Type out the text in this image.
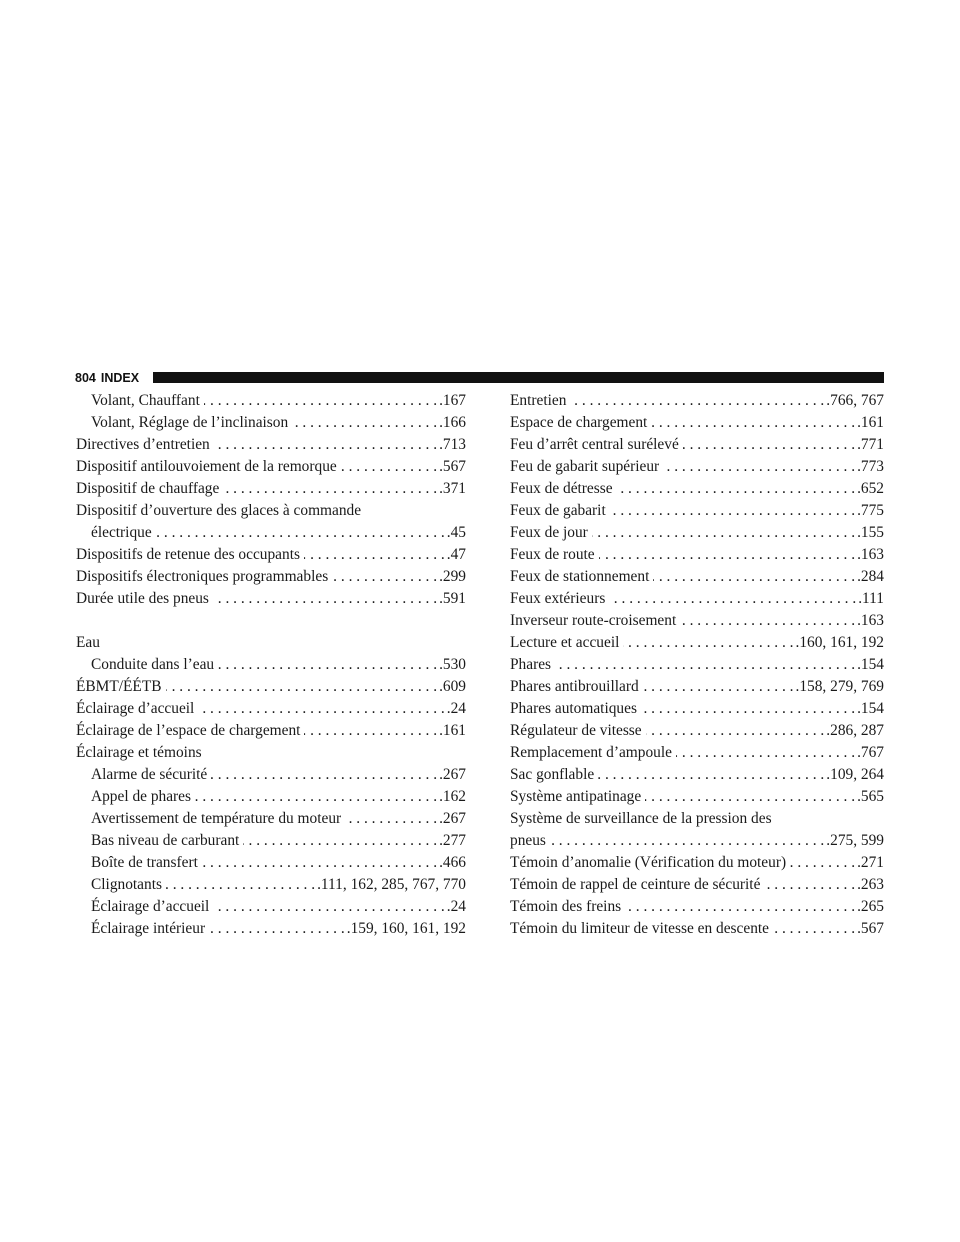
804 INDEX
Volant, Chauffant . . .	.167
Volant, Réglage de l’inclinaison . . .	.166
Directives d’entretien . . .	.713
Dispositif antilouvoiement de la remorque . . .	.567
Dispositif de chauffage . . .	.371
Dispositif d’ouverture des glaces à commande
électrique . . .	.45
Dispositifs de retenue des occupants . . .	.47
Dispositifs électroniques programmables . . .	.299
Durée utile des pneus . . .	.591
Eau
Conduite dans l’eau . . .	.530
ÉBMT/ÉÉTB . . .	.609
Éclairage d’accueil . . .	.24
Éclairage de l’espace de chargement . . .	.161
Éclairage et témoins
Alarme de sécurité . . .	.267
Appel de phares . . .	.162
Avertissement de température du moteur . . .	.267
Bas niveau de carburant . . .	.277
Boîte de transfert . . .	.466
Clignotants . . .	.111, 162, 285, 767, 770
Éclairage d’accueil . . .	.24
Éclairage intérieur . . .	.159, 160, 161, 192
Entretien . . .	.766, 767
Espace de chargement . . .	.161
Feu d’arrêt central surélevé . . .	.771
Feu de gabarit supérieur . . .	.773
Feux de détresse . . .	.652
Feux de gabarit . . .	.775
Feux de jour . . .	.155
Feux de route . . .	.163
Feux de stationnement . . .	.284
Feux extérieurs . . .	.111
Inverseur route-croisement . . .	.163
Lecture et accueil . . .	.160, 161, 192
Phares . . .	.154
Phares antibrouillard . . .	.158, 279, 769
Phares automatiques . . .	.154
Régulateur de vitesse . . .	.286, 287
Remplacement d’ampoule . . .	.767
Sac gonflable . . .	.109, 264
Système antipatinage . . .	.565
Système de surveillance de la pression des
pneus . . .	.275, 599
Témoin d’anomalie (Vérification du moteur) . . .	.271
Témoin de rappel de ceinture de sécurité . . .	.263
Témoin des freins . . .	.265
Témoin du limiteur de vitesse en descente . . .	.567
